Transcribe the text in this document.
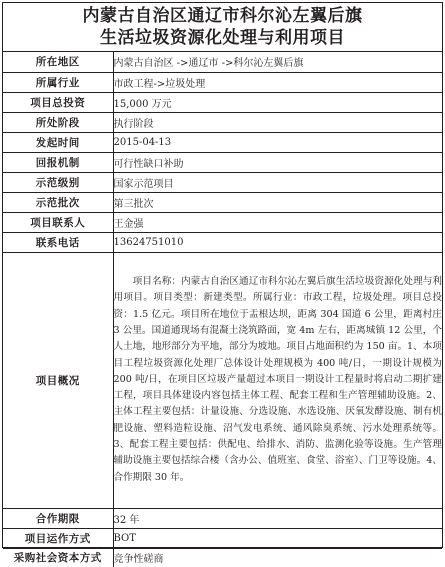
内蒙古自治区通辽市科尔沁左翼后旗
生活垃圾资源化处理与利用项目
所在地区	内蒙古自治区 ->通辽市 ->科尔沁左翼后旗
所属行业	市政工程->垃圾处理
项目总投资	15,000 万元
所处阶段	执行阶段
发起时间	2015-04-13
回报机制	可行性缺口补助
示范级别	国家示范项目
示范批次	第三批次
项目联系人	王金强
联系电话	13624751010
项目概况	项目名称：内蒙古自治区通辽市科尔沁左翼后旗生活垃圾资源化处理与利用项目。项目类型：新建类型。所属行业：市政工程，垃圾处理。项目总投资：1.5 亿元。项目所在地位于盂根达坝，距离 304 国道 6 公里，距离村庄 3 公里。国道通现场有混凝土浇筑路面，宽 4m 左右，距离城镇 12 公里，个人土地，地形部分为平地，部分为坡地。项目占地面积约为 150 亩。1、本项目工程垃圾资源化处理厂总体设计处理规模为 400 吨/日，一期设计规模为 200 吨/日，在项目区垃圾产量超过本项目一期设计工程量时将启动二期扩建工程，项目具体建设内容包括主体工程、配套工程和生产管理辅助设施。2、主体工程主要包括：计量设施、分选设施、水选设施、厌氧发酵设施、制有机肥设施、塑料造粒设施、沼气发电系统、通风除臭系统、污水处理系统等。3、配套工程主要包括：供配电、给排水、消防、监测化验等设施。生产管理辅助设施主要包括综合楼（含办公、值班室、食堂、浴室）、门卫等设施。4、合作期限 30 年。
合作期限	32 年
项目运作方式	BOT
采购社会资本方式	竞争性磋商
